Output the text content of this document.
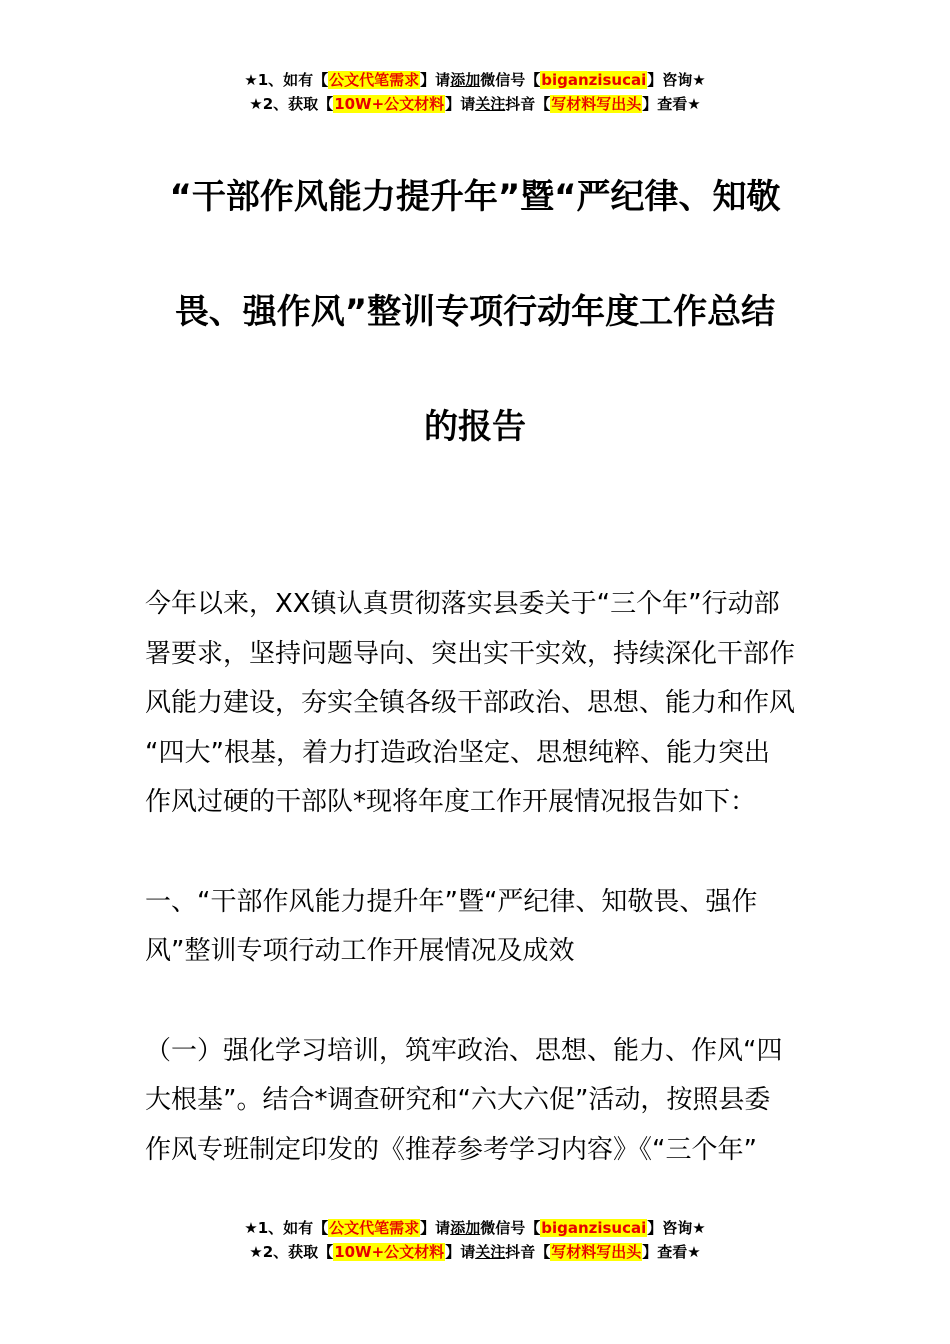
★1、如有【公文代笔需求】请添加微信号【biganzisucai】咨询★
★2、获取【10W+公文材料】请关注抖音【写材料写出头】查看★
“干部作风能力提升年”暨“严纪律、知敬
畏、强作风”整训专项行动年度工作总结
的报告

今年以来，XX镇认真贯彻落实县委关于“三个年”行动部
署要求，坚持问题导向、突出实干实效，持续深化干部作
风能力建设，夯实全镇各级干部政治、思想、能力和作风
“四大”根基，着力打造政治坚定、思想纯粹、能力突出
作风过硬的干部队*现将年度工作开展情况报告如下：

一、“干部作风能力提升年”暨“严纪律、知敬畏、强作
风”整训专项行动工作开展情况及成效

（一）强化学习培训，筑牢政治、思想、能力、作风“四
大根基”。结合*调查研究和“六大六促”活动，按照县委
作风专班制定印发的《推荐参考学习内容》《“三个年”

★1、如有【公文代笔需求】请添加微信号【biganzisucai】咨询★
★2、获取【10W+公文材料】请关注抖音【写材料写出头】查看★
